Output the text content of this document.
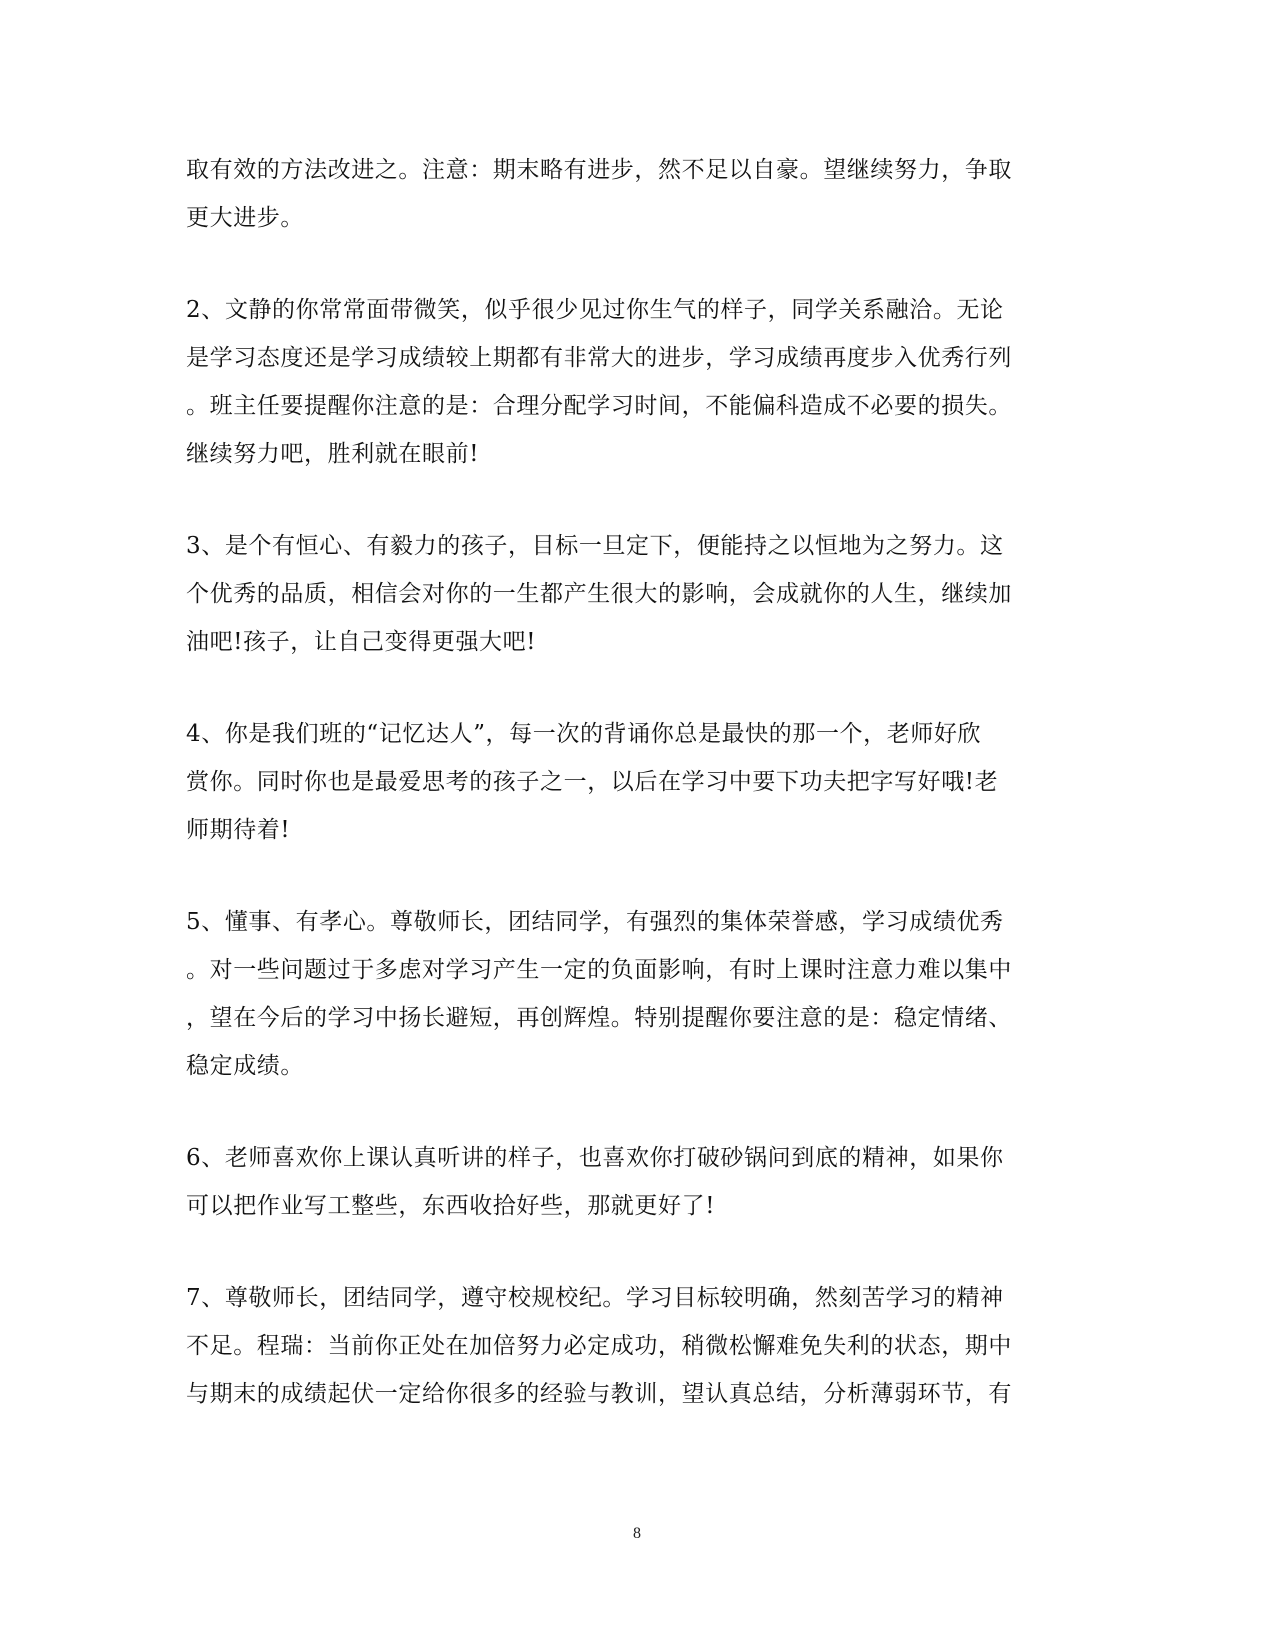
取有效的方法改进之。注意：期末略有进步，然不足以自豪。望继续努力，争取
更大进步。
2、文静的你常常面带微笑，似乎很少见过你生气的样子，同学关系融洽。无论
是学习态度还是学习成绩较上期都有非常大的进步，学习成绩再度步入优秀行列
。班主任要提醒你注意的是：合理分配学习时间，不能偏科造成不必要的损失。
继续努力吧，胜利就在眼前!
3、是个有恒心、有毅力的孩子，目标一旦定下，便能持之以恒地为之努力。这
个优秀的品质，相信会对你的一生都产生很大的影响，会成就你的人生，继续加
油吧!孩子，让自己变得更强大吧!
4、你是我们班的“记忆达人”，每一次的背诵你总是最快的那一个，老师好欣
赏你。同时你也是最爱思考的孩子之一，以后在学习中要下功夫把字写好哦!老
师期待着!
5、懂事、有孝心。尊敬师长，团结同学，有强烈的集体荣誉感，学习成绩优秀
。对一些问题过于多虑对学习产生一定的负面影响，有时上课时注意力难以集中
，望在今后的学习中扬长避短，再创辉煌。特别提醒你要注意的是：稳定情绪、
稳定成绩。
6、老师喜欢你上课认真听讲的样子，也喜欢你打破砂锅问到底的精神，如果你
可以把作业写工整些，东西收拾好些，那就更好了!
7、尊敬师长，团结同学，遵守校规校纪。学习目标较明确，然刻苦学习的精神
不足。程瑞：当前你正处在加倍努力必定成功，稍微松懈难免失利的状态，期中
与期末的成绩起伏一定给你很多的经验与教训，望认真总结，分析薄弱环节，有
8
